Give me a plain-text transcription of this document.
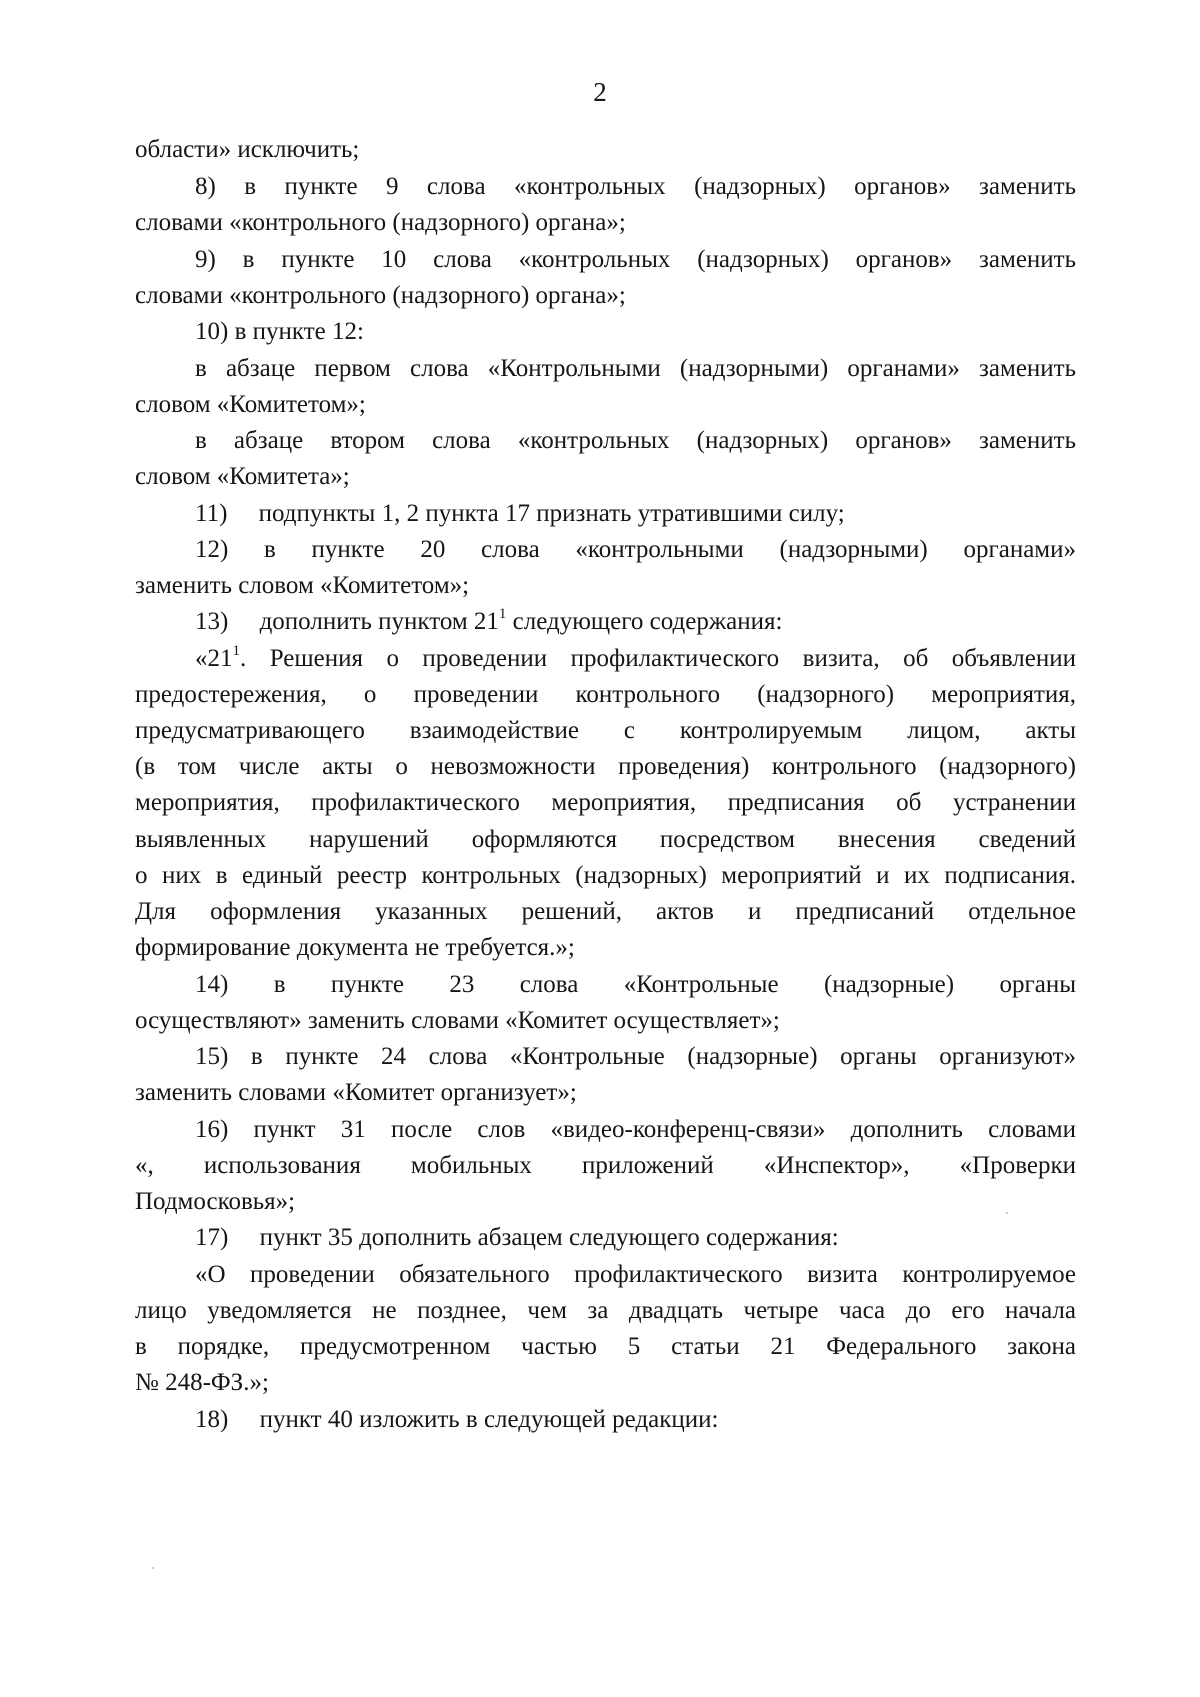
2
области» исключить;
8) в пункте 9 слова «контрольных (надзорных) органов» заменить
словами «контрольного (надзорного) органа»;
9) в пункте 10 слова «контрольных (надзорных) органов» заменить
словами «контрольного (надзорного) органа»;
10) в пункте 12:
в абзаце первом слова «Контрольными (надзорными) органами» заменить
словом «Комитетом»;
в абзаце втором слова «контрольных (надзорных) органов» заменить
словом «Комитета»;
11)     подпункты 1, 2 пункта 17 признать утратившими силу;
12) в пункте 20 слова «контрольными (надзорными) органами»
заменить словом «Комитетом»;
13)     дополнить пунктом $21^1$ следующего содержания:
«$21^1$. Решения о проведении профилактического визита, об объявлении
предостережения, о проведении контрольного (надзорного) мероприятия,
предусматривающего взаимодействие с контролируемым лицом, акты
(в том числе акты о невозможности проведения) контрольного (надзорного)
мероприятия, профилактического мероприятия, предписания об устранении
выявленных нарушений оформляются посредством внесения сведений
о них в единый реестр контрольных (надзорных) мероприятий и их подписания.
Для оформления указанных решений, актов и предписаний отдельное
формирование документа не требуется.»;
14) в пункте 23 слова «Контрольные (надзорные) органы
осуществляют» заменить словами «Комитет осуществляет»;
15) в пункте 24 слова «Контрольные (надзорные) органы организуют»
заменить словами «Комитет организует»;
16) пункт 31 после слов «видео-конференц-связи» дополнить словами
«, использования мобильных приложений «Инспектор», «Проверки
Подмосковья»;
17)     пункт 35 дополнить абзацем следующего содержания:
«О проведении обязательного профилактического визита контролируемое
лицо уведомляется не позднее, чем за двадцать четыре часа до его начала
в порядке, предусмотренном частью 5 статьи 21 Федерального закона
№ 248-ФЗ.»;
18)     пункт 40 изложить в следующей редакции:
